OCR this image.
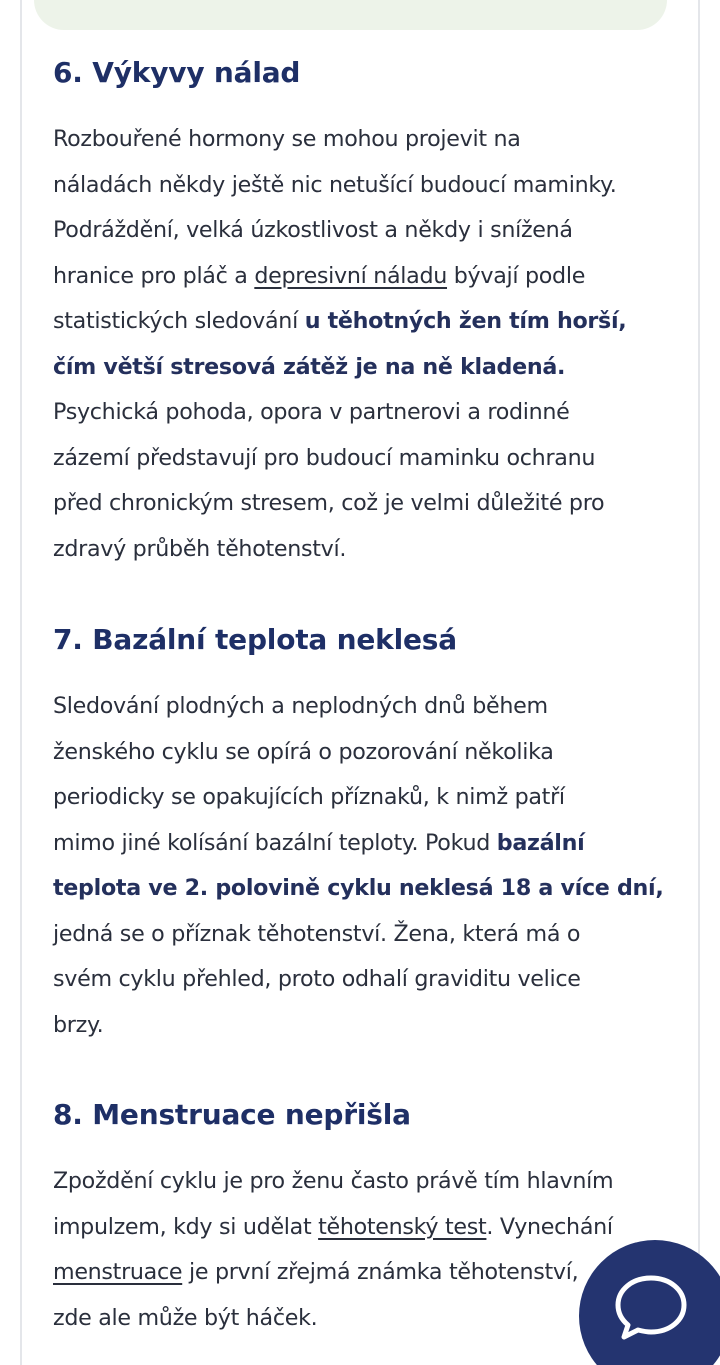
6. Výkyvy nálad
Rozbouřené hormony se mohou projevit na
náladách někdy ještě nic netušící budoucí maminky.
Podráždění, velká úzkostlivost a někdy i snížená
hranice pro pláč a depresivní náladu bývají podle
statistických sledování u těhotných žen tím horší,
čím větší stresová zátěž je na ně kladená.
Psychická pohoda, opora v partnerovi a rodinné
zázemí představují pro budoucí maminku ochranu
před chronickým stresem, což je velmi důležité pro
zdravý průběh těhotenství.
7. Bazální teplota neklesá
Sledování plodných a neplodných dnů během
ženského cyklu se opírá o pozorování několika
periodicky se opakujících příznaků, k nimž patří
mimo jiné kolísání bazální teploty. Pokud bazální
teplota ve 2. polovině cyklu neklesá 18 a více dní,
jedná se o příznak těhotenství. Žena, která má o
svém cyklu přehled, proto odhalí graviditu velice
brzy.
8. Menstruace nepřišla
Zpoždění cyklu je pro ženu často právě tím hlavním
impulzem, kdy si udělat těhotenský test. Vynechání
menstruace je první zřejmá známka těhotenství,
zde ale může být háček.
